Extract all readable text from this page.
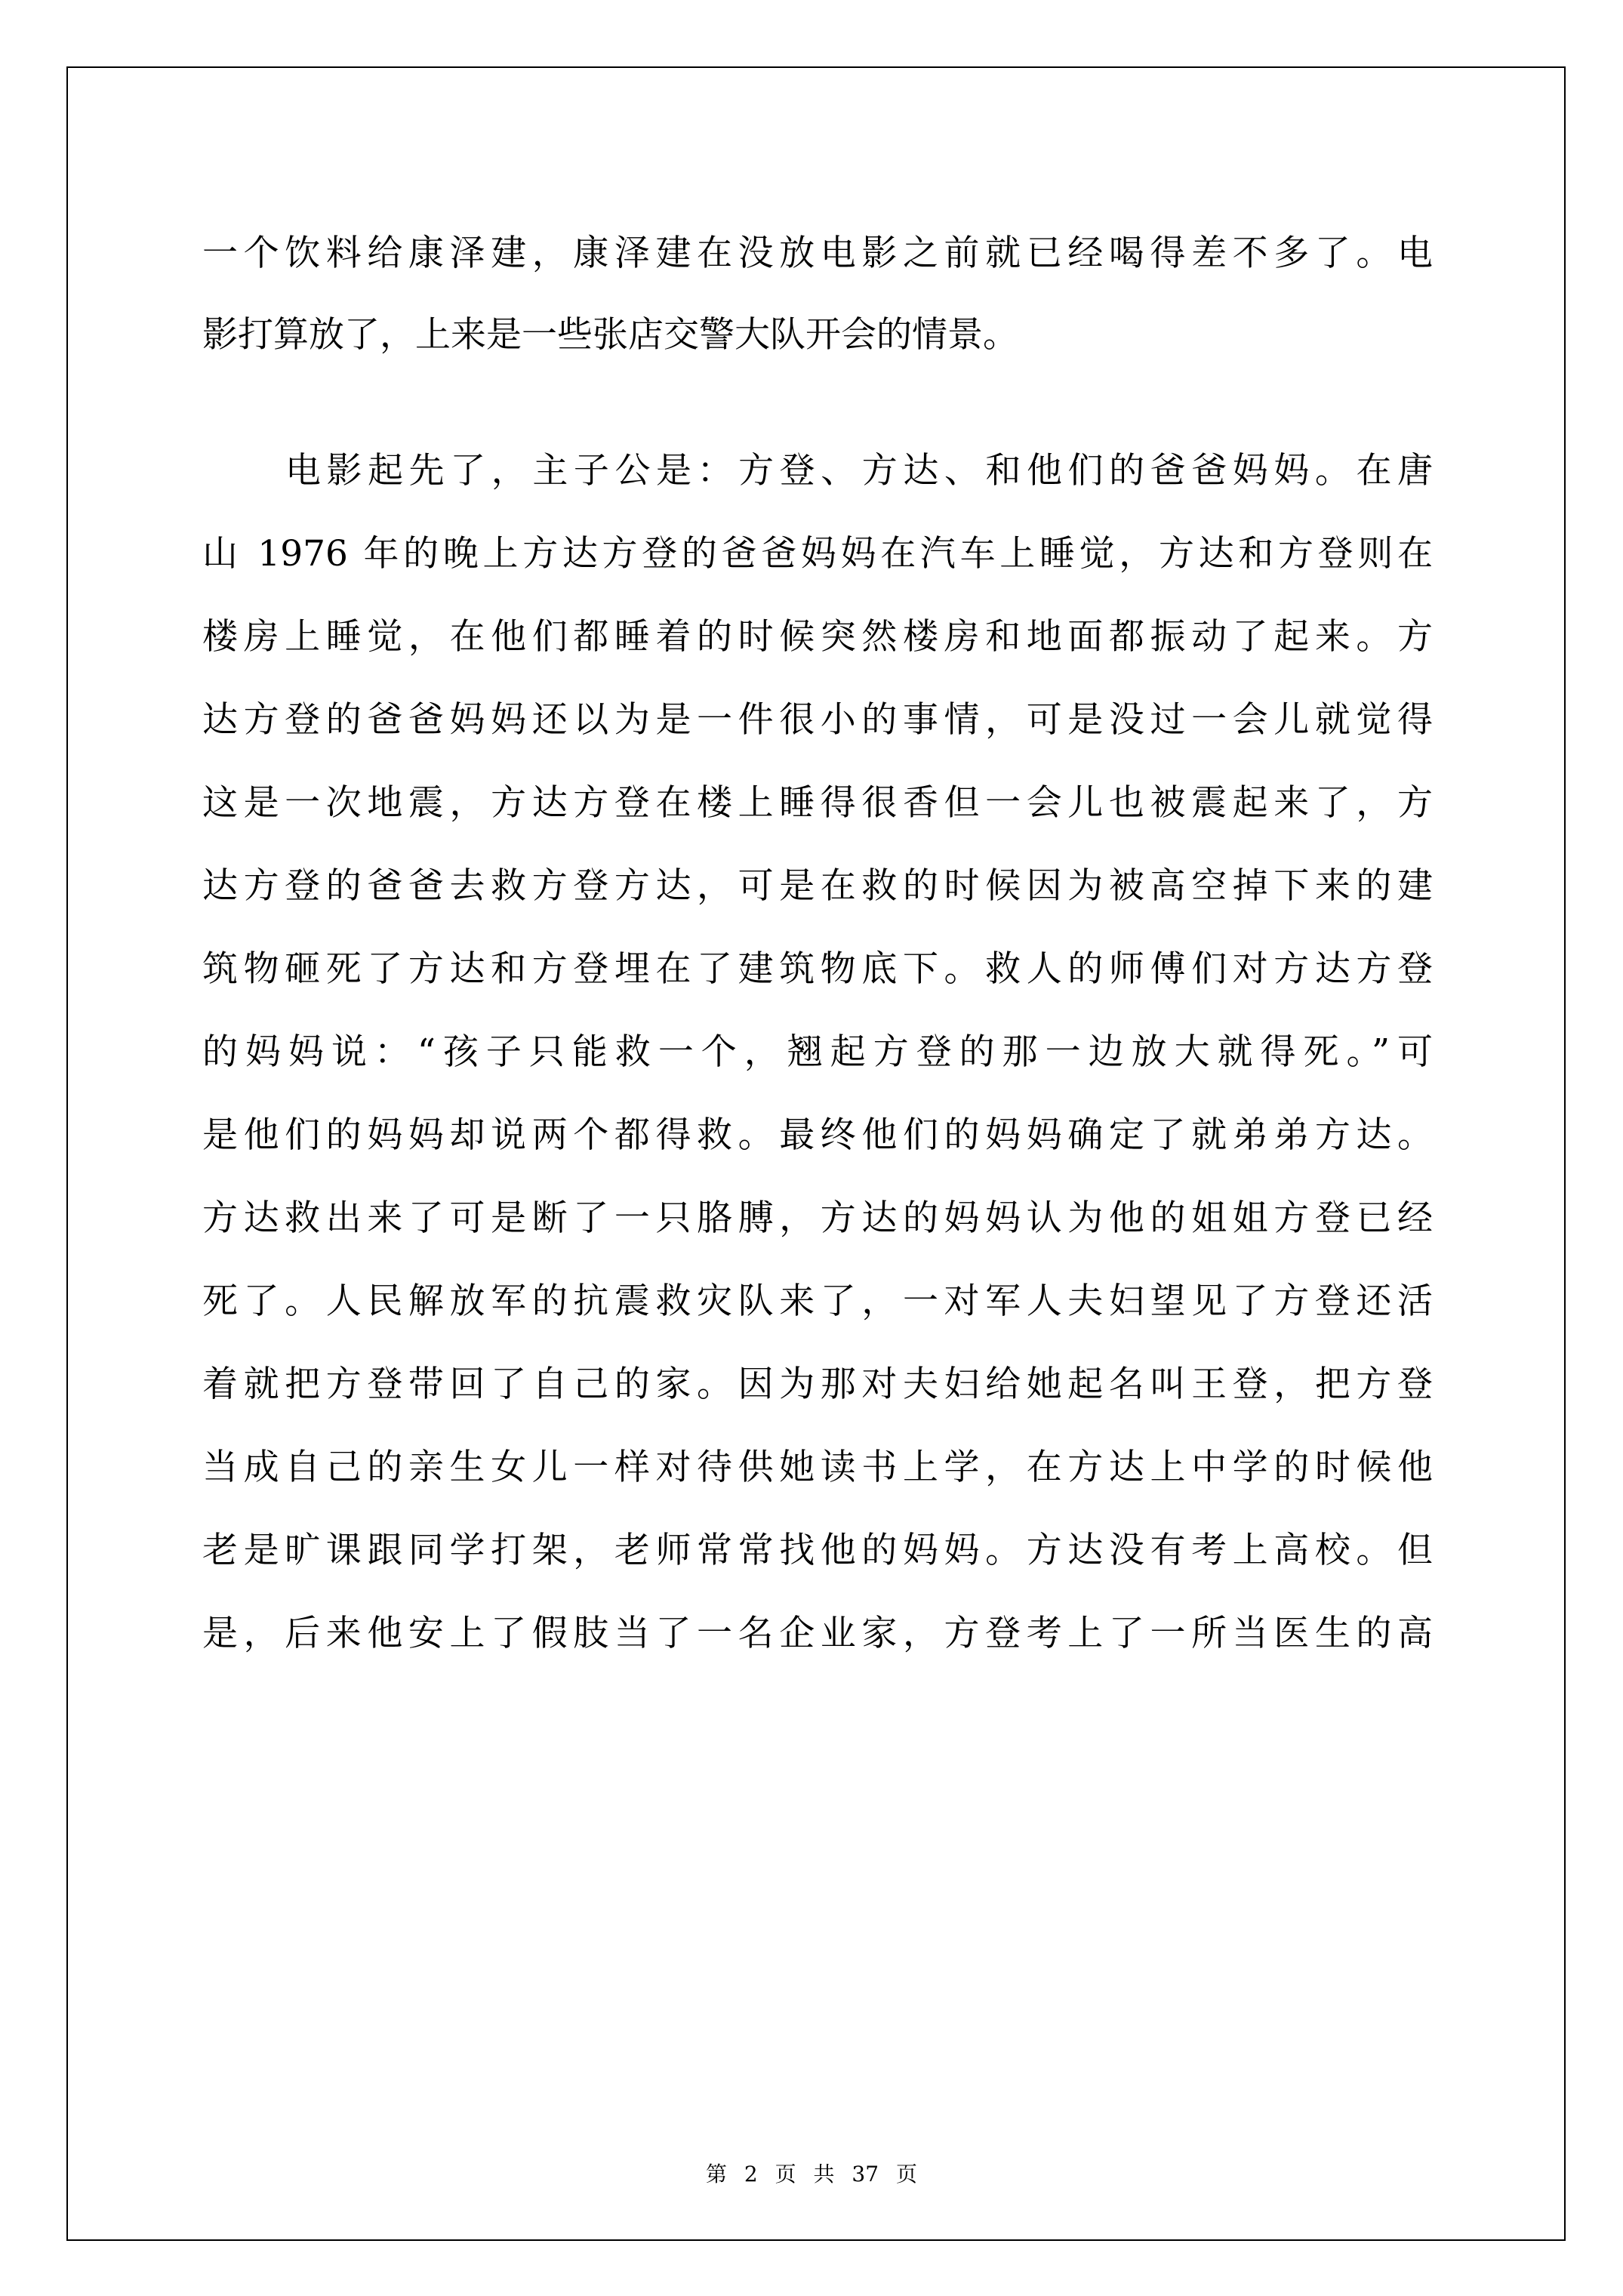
一个饮料给康泽建，康泽建在没放电影之前就已经喝得差不多了。电
影打算放了，上来是一些张店交警大队开会的情景。
电影起先了，主子公是：方登、方达、和他们的爸爸妈妈。在唐
山 1976 年的晚上方达方登的爸爸妈妈在汽车上睡觉，方达和方登则在
楼房上睡觉，在他们都睡着的时候突然楼房和地面都振动了起来。方
达方登的爸爸妈妈还以为是一件很小的事情，可是没过一会儿就觉得
这是一次地震，方达方登在楼上睡得很香但一会儿也被震起来了，方
达方登的爸爸去救方登方达，可是在救的时候因为被高空掉下来的建
筑物砸死了方达和方登埋在了建筑物底下。救人的师傅们对方达方登
的妈妈说：“孩子只能救一个，翘起方登的那一边放大就得死。”可
是他们的妈妈却说两个都得救。最终他们的妈妈确定了就弟弟方达。
方达救出来了可是断了一只胳膊，方达的妈妈认为他的姐姐方登已经
死了。人民解放军的抗震救灾队来了，一对军人夫妇望见了方登还活
着就把方登带回了自己的家。因为那对夫妇给她起名叫王登，把方登
当成自己的亲生女儿一样对待供她读书上学，在方达上中学的时候他
老是旷课跟同学打架，老师常常找他的妈妈。方达没有考上高校。但
是，后来他安上了假肢当了一名企业家，方登考上了一所当医生的高
第 2 页 共 37 页
